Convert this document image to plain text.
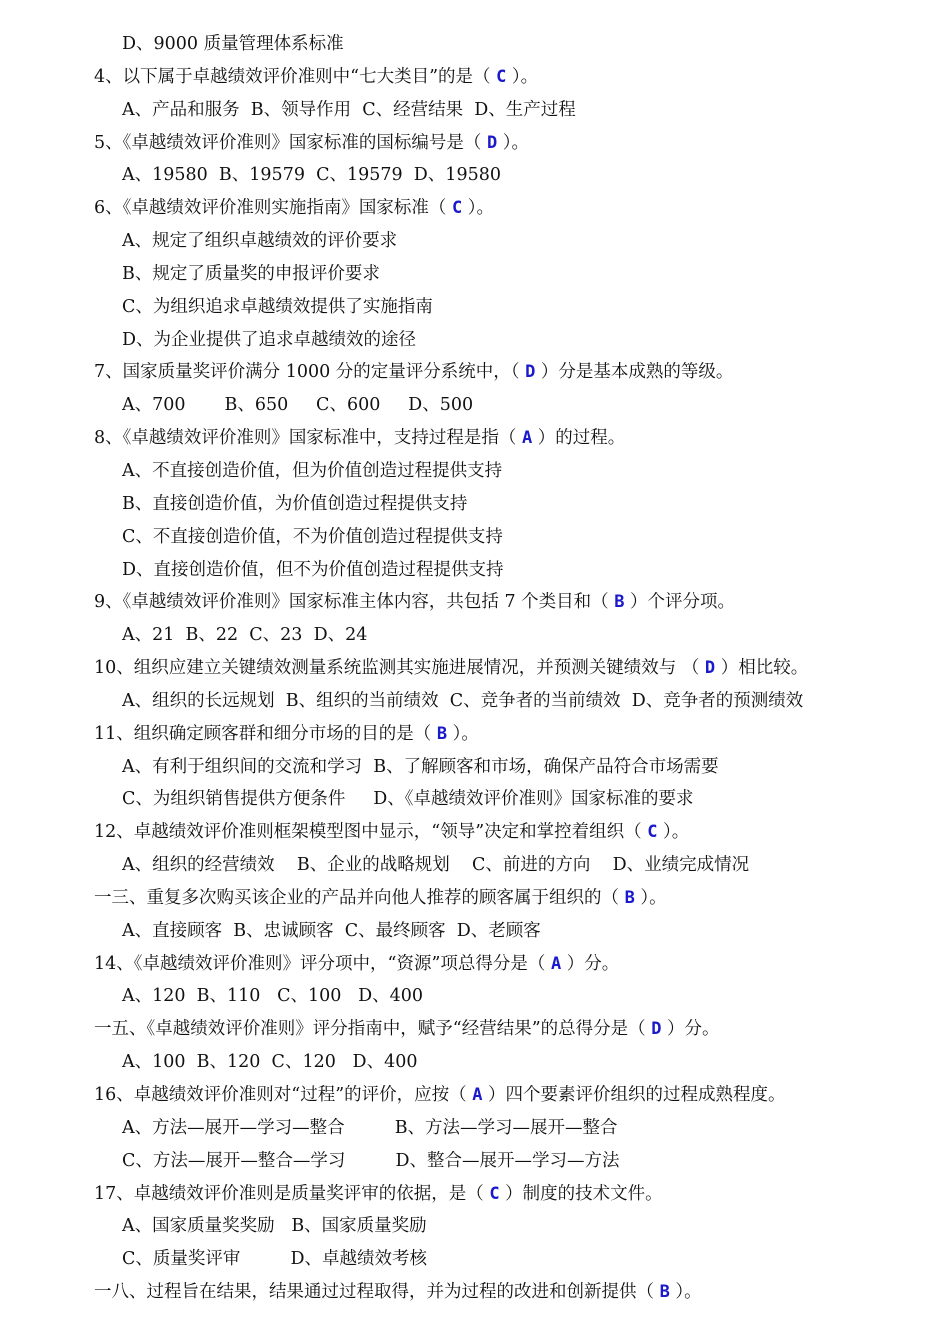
D、9000 质量管理体系标准
4、以下属于卓越绩效评价准则中“七大类目”的是（ C ）。
A、产品和服务  B、领导作用  C、经营结果  D、生产过程
5、《卓越绩效评价准则》国家标准的国标编号是（ D ）。
A、19580  B、19579  C、19579  D、19580
6、《卓越绩效评价准则实施指南》国家标准（ C ）。
A、规定了组织卓越绩效的评价要求
B、规定了质量奖的申报评价要求
C、为组织追求卓越绩效提供了实施指南
D、为企业提供了追求卓越绩效的途径
7、国家质量奖评价满分 1000 分的定量评分系统中，（ D ）分是基本成熟的等级。
A、700       B、650     C、600     D、500
8、《卓越绩效评价准则》国家标准中，支持过程是指（ A ）的过程。
A、不直接创造价值，但为价值创造过程提供支持
B、直接创造价值，为价值创造过程提供支持
C、不直接创造价值，不为价值创造过程提供支持
D、直接创造价值，但不为价值创造过程提供支持
9、《卓越绩效评价准则》国家标准主体内容，共包括 7 个类目和（ B ）个评分项。
A、21  B、22  C、23  D、24
10、组织应建立关键绩效测量系统监测其实施进展情况，并预测关键绩效与 （ D ）相比较。
A、组织的长远规划  B、组织的当前绩效  C、竞争者的当前绩效  D、竞争者的预测绩效
11、组织确定顾客群和细分市场的目的是（ B ）。
A、有利于组织间的交流和学习  B、了解顾客和市场，确保产品符合市场需要
C、为组织销售提供方便条件     D、《卓越绩效评价准则》国家标准的要求
12、卓越绩效评价准则框架模型图中显示，“领导”决定和掌控着组织（ C ）。
A、组织的经营绩效    B、企业的战略规划    C、前进的方向    D、业绩完成情况
一三、重复多次购买该企业的产品并向他人推荐的顾客属于组织的（ B ）。
A、直接顾客  B、忠诚顾客  C、最终顾客  D、老顾客
14、《卓越绩效评价准则》评分项中，“资源”项总得分是（ A ）分。
A、120  B、110   C、100   D、400
一五、《卓越绩效评价准则》评分指南中，赋予“经营结果”的总得分是（ D ）分。
A、100  B、120  C、120   D、400
16、卓越绩效评价准则对“过程”的评价，应按（ A ）四个要素评价组织的过程成熟程度。
A、方法—展开—学习—整合         B、方法—学习—展开—整合
C、方法—展开—整合—学习         D、整合—展开—学习—方法
17、卓越绩效评价准则是质量奖评审的依据，是（ C ）制度的技术文件。
A、国家质量奖奖励   B、国家质量奖励
C、质量奖评审         D、卓越绩效考核
一八、过程旨在结果，结果通过过程取得，并为过程的改进和创新提供（ B ）。
